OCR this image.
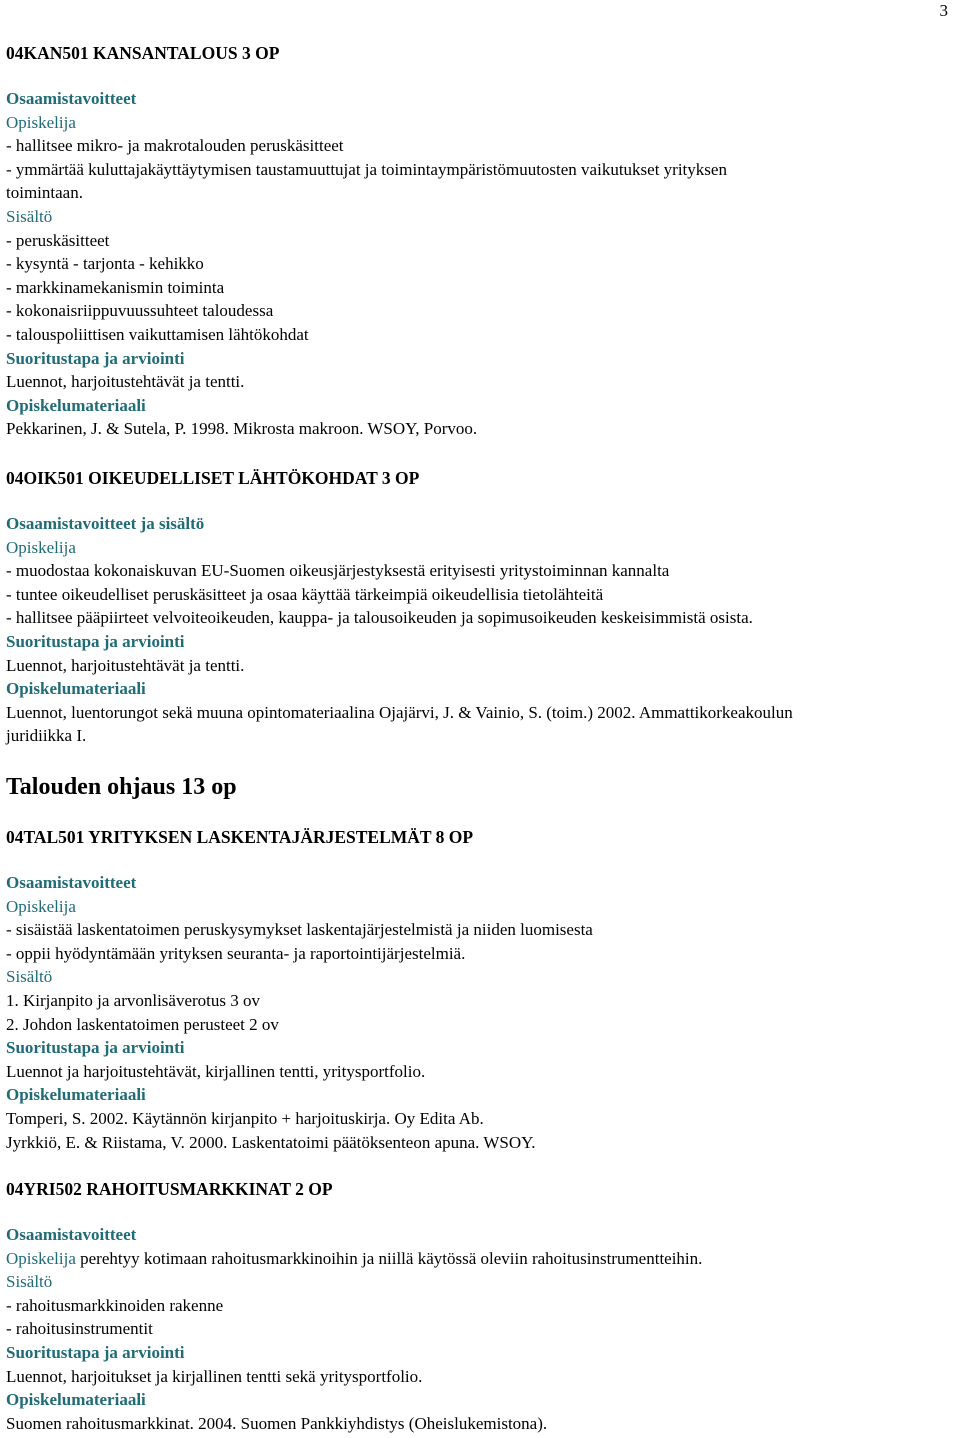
3

04KAN501 KANSANTALOUS 3 OP

Osaamistavoitteet

Opiskelija

- hallitsee mikro- ja makrotalouden peruskäsitteet

- ymmärtää kuluttajakäyttäytymisen taustamuuttujat ja toimintaympäristömuutosten vaikutukset yrityksen

toimintaan.

Sisältö

- peruskäsitteet

- kysyntä - tarjonta - kehikko

- markkinamekanismin toiminta

- kokonaisriippuvuussuhteet taloudessa

- talouspoliittisen vaikuttamisen lähtökohdat

Suoritustapa ja arviointi

Luennot, harjoitustehtävät ja tentti.

Opiskelumateriaali

Pekkarinen, J. & Sutela, P. 1998. Mikrosta makroon. WSOY, Porvoo.

04OIK501 OIKEUDELLISET LÄHTÖKOHDAT 3 OP

Osaamistavoitteet ja sisältö

Opiskelija

- muodostaa kokonaiskuvan EU-Suomen oikeusjärjestyksestä erityisesti yritystoiminnan kannalta

- tuntee oikeudelliset peruskäsitteet ja osaa käyttää tärkeimpiä oikeudellisia tietolähteitä

- hallitsee pääpiirteet velvoiteoikeuden, kauppa- ja talousoikeuden ja sopimusoikeuden keskeisimmistä osista.

Suoritustapa ja arviointi

Luennot, harjoitustehtävät ja tentti.

Opiskelumateriaali

Luennot, luentorungot sekä muuna opintomateriaalina Ojajärvi, J. & Vainio, S. (toim.) 2002. Ammattikorkeakoulun

juridiikka I.

Talouden ohjaus 13 op

04TAL501 YRITYKSEN LASKENTAJÄRJESTELMÄT 8 OP

Osaamistavoitteet

Opiskelija

- sisäistää laskentatoimen peruskysymykset laskentajärjestelmistä ja niiden luomisesta

- oppii hyödyntämään yrityksen seuranta- ja raportointijärjestelmiä.

Sisältö

1. Kirjanpito ja arvonlisäverotus 3 ov

2. Johdon laskentatoimen perusteet 2 ov

Suoritustapa ja arviointi

Luennot ja harjoitustehtävät, kirjallinen tentti, yritysportfolio.

Opiskelumateriaali

Tomperi, S. 2002. Käytännön kirjanpito + harjoituskirja. Oy Edita Ab.

Jyrkkiö, E. & Riistama, V. 2000. Laskentatoimi päätöksenteon apuna. WSOY.

04YRI502 RAHOITUSMARKKINAT 2 OP

Osaamistavoitteet

Opiskelija perehtyy kotimaan rahoitusmarkkinoihin ja niillä käytössä oleviin rahoitusinstrumentteihin.

Sisältö

- rahoitusmarkkinoiden rakenne

- rahoitusinstrumentit

Suoritustapa ja arviointi

Luennot, harjoitukset ja kirjallinen tentti sekä yritysportfolio.

Opiskelumateriaali

Suomen rahoitusmarkkinat. 2004. Suomen Pankkiyhdistys (Oheislukemistona).
